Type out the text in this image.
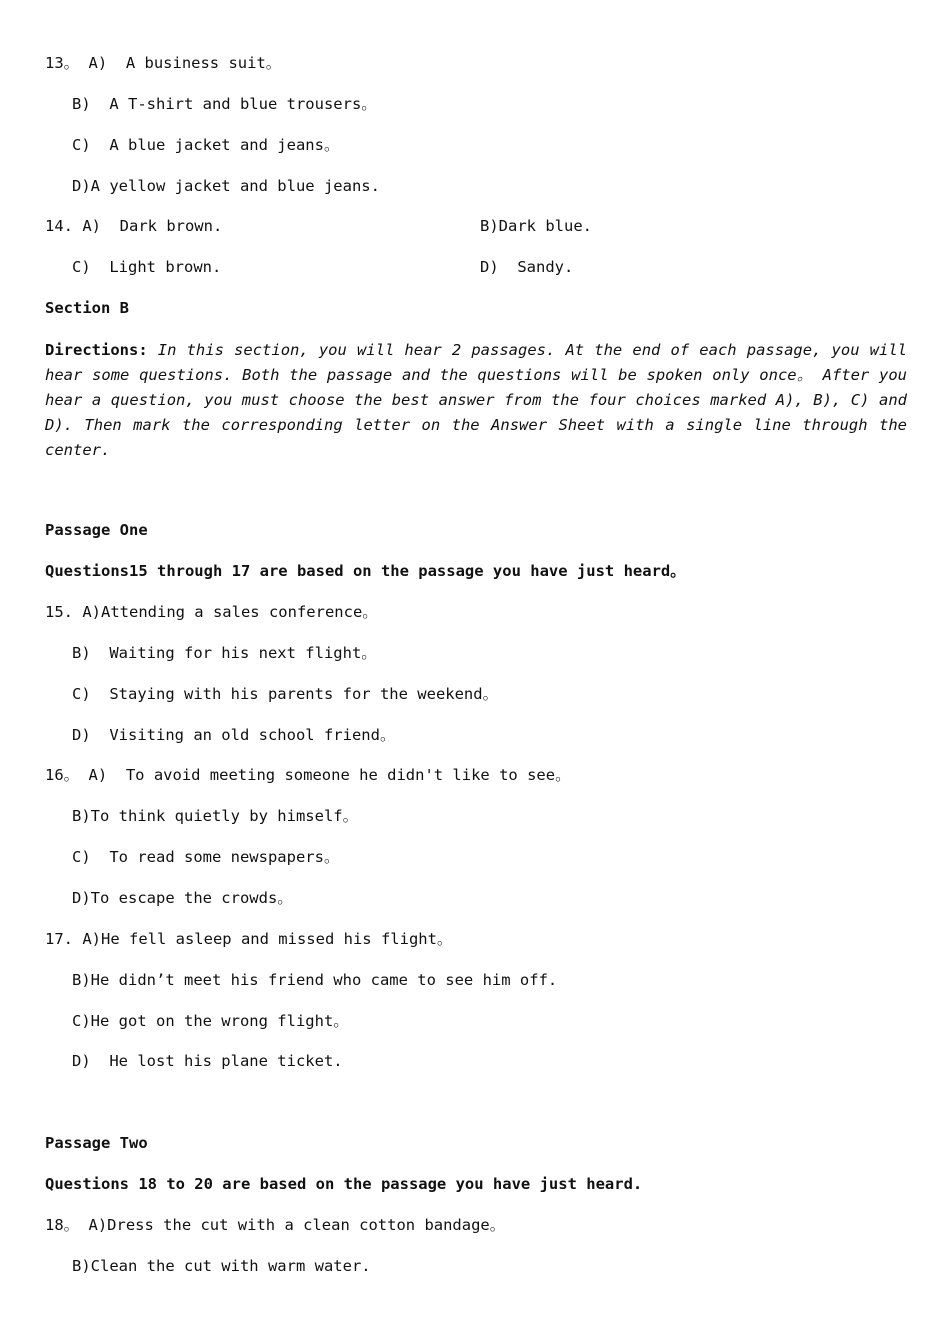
13。 A)  A business suit。
B)  A T-shirt and blue trousers。
C)  A blue jacket and jeans。
D)A yellow jacket and blue jeans.
14. A)  Dark brown.	B)Dark blue.
C)  Light brown.	D)  Sandy.
Section B
Directions: In this section, you will hear 2 passages. At the end of each passage, you will hear some questions. Both the passage and the questions will be spoken only once。 After you hear a question, you must choose the best answer from the four choices marked A), B), C) and D). Then mark the corresponding letter on the Answer Sheet with a single line through the center.
Passage One
Questions15 through 17 are based on the passage you have just heard。
15. A)Attending a sales conference。
B)  Waiting for his next flight。
C)  Staying with his parents for the weekend。
D)  Visiting an old school friend。
16。 A)  To avoid meeting someone he didn't like to see。
B)To think quietly by himself。
C)  To read some newspapers。
D)To escape the crowds。
17. A)He fell asleep and missed his flight。
B)He didn’t meet his friend who came to see him off.
C)He got on the wrong flight。
D)  He lost his plane ticket.
Passage Two
Questions 18 to 20 are based on the passage you have just heard.
18。 A)Dress the cut with a clean cotton bandage。
B)Clean the cut with warm water.
